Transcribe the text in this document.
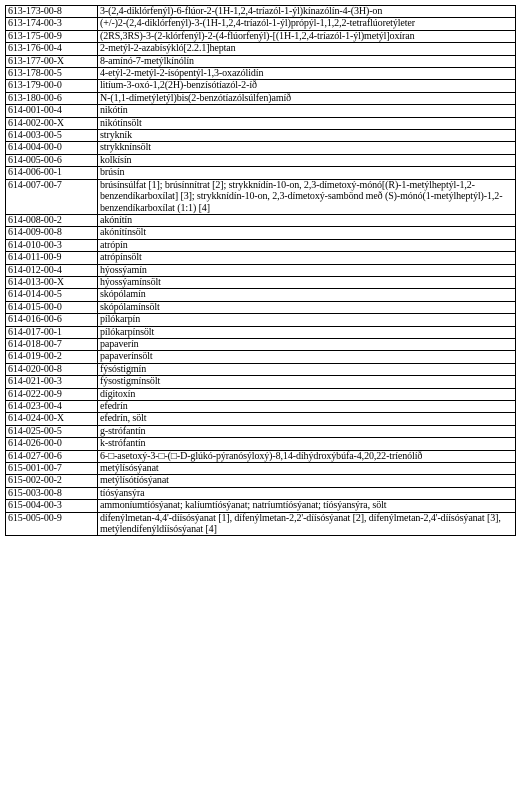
613-173-00-8	3-(2,4-diklórfenýl)-6-flúor-2-(1H-1,2,4-tríazól-1-ýl)kínazólín-4-(3H)-on
613-174-00-3	(+/-)2-(2,4-diklórfenýl)-3-(1H-1,2,4-tríazól-1-ýl)própýl-1,1,2,2-tetraflúoretýleter
613-175-00-9	(2RS,3RS)-3-(2-klórfenýl)-2-(4-flúorfenýl)-[(1H-1,2,4-tríazól-1-ýl)metýl]oxíran
613-176-00-4	2-metýl-2-azabísýkló[2.2.1]heptan
613-177-00-X	8-amínó-7-metýlkínólín
613-178-00-5	4-etýl-2-metýl-2-ísópentýl-1,3-oxazólidín
613-179-00-0	litíum-3-oxó-1,2(2H)-benzísótíazól-2-íð
613-180-00-6	N-(1,1-dímetýletýl)bis(2-benzótíazólsúlfen)amíð
614-001-00-4	nikótín
614-002-00-X	nikótínsölt
614-003-00-5	strykník
614-004-00-0	strykknínsölt
614-005-00-6	kolkísín
614-006-00-1	brúsín
614-007-00-7	brúsínsúlfat [1]; brúsínnítrat [2]; strykknídín-10-on, 2,3-dímetoxý-mónó[(R)-1-metýlheptýl-1,2-benzendíkarboxílat] [3]; strykknídín-10-on, 2,3-dímetoxý-sambönd með (S)-mónó(1-metýlheptýl)-1,2-benzendíkarboxílat (1:1) [4]
614-008-00-2	akónítín
614-009-00-8	akónítínsölt
614-010-00-3	atrópín
614-011-00-9	atrópínsölt
614-012-00-4	hýossýamín
614-013-00-X	hýossýamínsölt
614-014-00-5	skópólamín
614-015-00-0	skópólamínsölt
614-016-00-6	pílókarpín
614-017-00-1	pílókarpínsölt
614-018-00-7	papaverín
614-019-00-2	papaverínsölt
614-020-00-8	fýsóstigmín
614-021-00-3	fýsostigmínsölt
614-022-00-9	dígitoxín
614-023-00-4	efedrín
614-024-00-X	efedrín, sölt
614-025-00-5	g-strófantín
614-026-00-0	k-strófantín
614-027-00-6	6-□-asetoxý-3-□-(□-D-glúkó-pýranósýloxý)-8,14-díhýdroxýbúfa-4,20,22-tríenólíð
615-001-00-7	metýlísósýanat
615-002-00-2	metýlísótíósýanat
615-003-00-8	tíósýansýra
615-004-00-3	ammoníumtíósýanat; kalíumtíósýanat; natríumtíósýanat; tíósýansýra, sölt
615-005-00-9	dífenýlmetan-4,4'-díísósýanat [1], dífenýlmetan-2,2'-díísósýanat [2], dífenýlmetan-2,4'-díísósýanat [3], metýlendífenýldíísósýanat [4]
